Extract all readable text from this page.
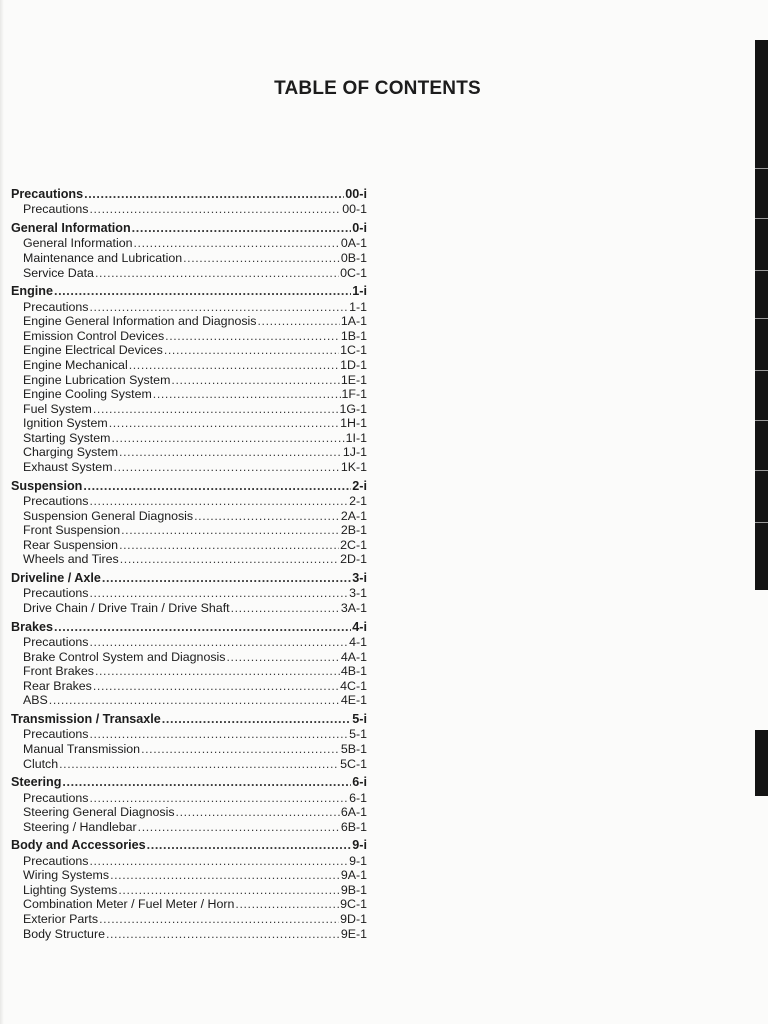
TABLE OF CONTENTS
Precautions .....	00-i
Precautions .....	00-1
General Information .....	0-i
General Information .....	0A-1
Maintenance and Lubrication .....	0B-1
Service Data .....	0C-1
Engine .....	1-i
Precautions .....	1-1
Engine General Information and Diagnosis .....	1A-1
Emission Control Devices .....	1B-1
Engine Electrical Devices .....	1C-1
Engine Mechanical .....	1D-1
Engine Lubrication System .....	1E-1
Engine Cooling System .....	1F-1
Fuel System .....	1G-1
Ignition System .....	1H-1
Starting System .....	1I-1
Charging System .....	1J-1
Exhaust System .....	1K-1
Suspension .....	2-i
Precautions .....	2-1
Suspension General Diagnosis .....	2A-1
Front Suspension .....	2B-1
Rear Suspension .....	2C-1
Wheels and Tires .....	2D-1
Driveline / Axle .....	3-i
Precautions .....	3-1
Drive Chain / Drive Train / Drive Shaft .....	3A-1
Brakes .....	4-i
Precautions .....	4-1
Brake Control System and Diagnosis .....	4A-1
Front Brakes .....	4B-1
Rear Brakes .....	4C-1
ABS .....	4E-1
Transmission / Transaxle .....	5-i
Precautions .....	5-1
Manual Transmission .....	5B-1
Clutch .....	5C-1
Steering .....	6-i
Precautions .....	6-1
Steering General Diagnosis .....	6A-1
Steering / Handlebar .....	6B-1
Body and Accessories .....	9-i
Precautions .....	9-1
Wiring Systems .....	9A-1
Lighting Systems .....	9B-1
Combination Meter / Fuel Meter / Horn .....	9C-1
Exterior Parts .....	9D-1
Body Structure .....	9E-1
